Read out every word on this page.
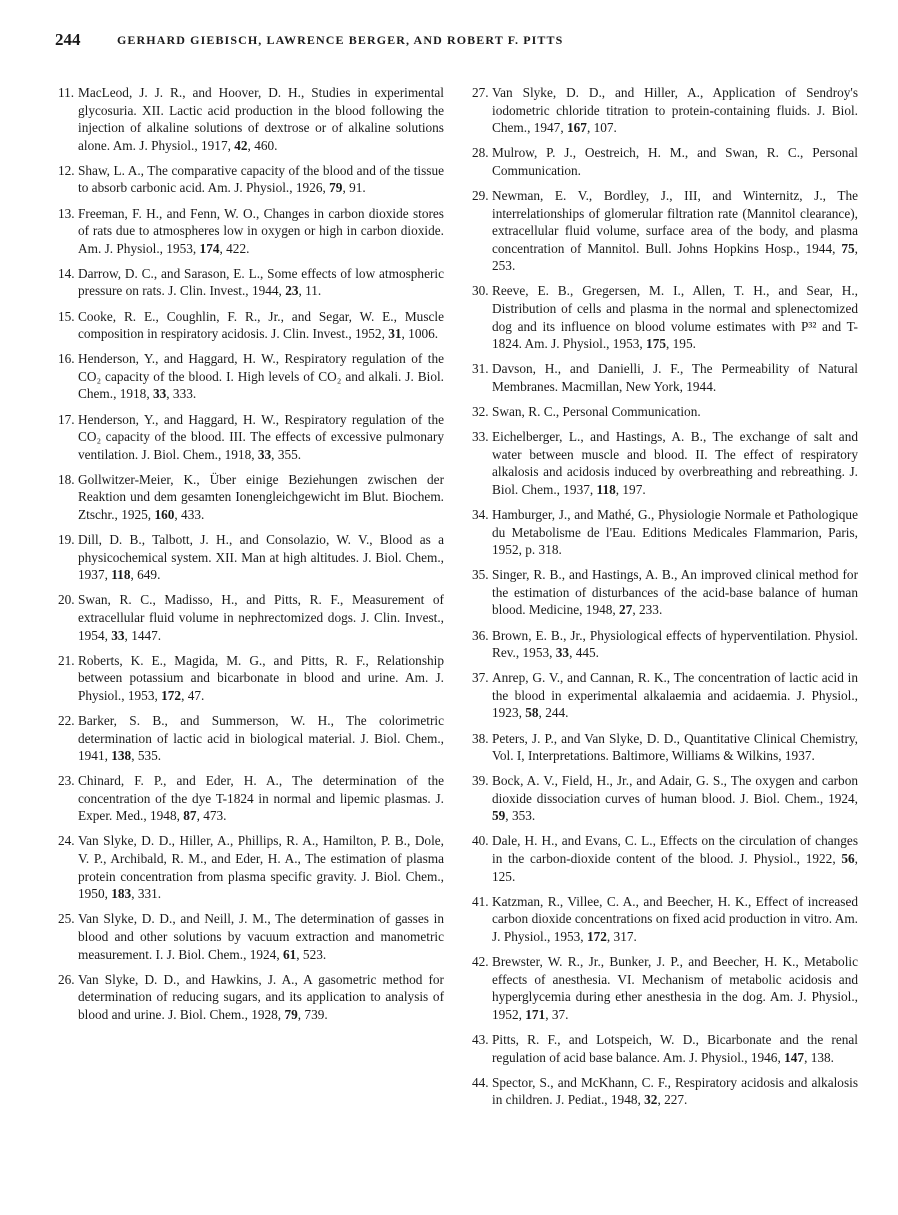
244	GERHARD GIEBISCH, LAWRENCE BERGER, AND ROBERT F. PITTS

11. MacLeod, J. J. R., and Hoover, D. H., Studies in experimental glycosuria. XII. Lactic acid production in the blood following the injection of alkaline solutions of dextrose or of alkaline solutions alone. Am. J. Physiol., 1917, 42, 460.

12. Shaw, L. A., The comparative capacity of the blood and of the tissue to absorb carbonic acid. Am. J. Physiol., 1926, 79, 91.

13. Freeman, F. H., and Fenn, W. O., Changes in carbon dioxide stores of rats due to atmospheres low in oxygen or high in carbon dioxide. Am. J. Physiol., 1953, 174, 422.

14. Darrow, D. C., and Sarason, E. L., Some effects of low atmospheric pressure on rats. J. Clin. Invest., 1944, 23, 11.

15. Cooke, R. E., Coughlin, F. R., Jr., and Segar, W. E., Muscle composition in respiratory acidosis. J. Clin. Invest., 1952, 31, 1006.

16. Henderson, Y., and Haggard, H. W., Respiratory regulation of the CO₂ capacity of the blood. I. High levels of CO₂ and alkali. J. Biol. Chem., 1918, 33, 333.

17. Henderson, Y., and Haggard, H. W., Respiratory regulation of the CO₂ capacity of the blood. III. The effects of excessive pulmonary ventilation. J. Biol. Chem., 1918, 33, 355.

18. Gollwitzer-Meier, K., Über einige Beziehungen zwischen der Reaktion und dem gesamten Ionengleichgewicht im Blut. Biochem. Ztschr., 1925, 160, 433.

19. Dill, D. B., Talbott, J. H., and Consolazio, W. V., Blood as a physicochemical system. XII. Man at high altitudes. J. Biol. Chem., 1937, 118, 649.

20. Swan, R. C., Madisso, H., and Pitts, R. F., Measurement of extracellular fluid volume in nephrectomized dogs. J. Clin. Invest., 1954, 33, 1447.

21. Roberts, K. E., Magida, M. G., and Pitts, R. F., Relationship between potassium and bicarbonate in blood and urine. Am. J. Physiol., 1953, 172, 47.

22. Barker, S. B., and Summerson, W. H., The colorimetric determination of lactic acid in biological material. J. Biol. Chem., 1941, 138, 535.

23. Chinard, F. P., and Eder, H. A., The determination of the concentration of the dye T-1824 in normal and lipemic plasmas. J. Exper. Med., 1948, 87, 473.

24. Van Slyke, D. D., Hiller, A., Phillips, R. A., Hamilton, P. B., Dole, V. P., Archibald, R. M., and Eder, H. A., The estimation of plasma protein concentration from plasma specific gravity. J. Biol. Chem., 1950, 183, 331.

25. Van Slyke, D. D., and Neill, J. M., The determination of gasses in blood and other solutions by vacuum extraction and manometric measurement. I. J. Biol. Chem., 1924, 61, 523.

26. Van Slyke, D. D., and Hawkins, J. A., A gasometric method for determination of reducing sugars, and its application to analysis of blood and urine. J. Biol. Chem., 1928, 79, 739.

27. Van Slyke, D. D., and Hiller, A., Application of Sendroy's iodometric chloride titration to protein-containing fluids. J. Biol. Chem., 1947, 167, 107.

28. Mulrow, P. J., Oestreich, H. M., and Swan, R. C., Personal Communication.

29. Newman, E. V., Bordley, J., III, and Winternitz, J., The interrelationships of glomerular filtration rate (Mannitol clearance), extracellular fluid volume, surface area of the body, and plasma concentration of Mannitol. Bull. Johns Hopkins Hosp., 1944, 75, 253.

30. Reeve, E. B., Gregersen, M. I., Allen, T. H., and Sear, H., Distribution of cells and plasma in the normal and splenectomized dog and its influence on blood volume estimates with P³² and T-1824. Am. J. Physiol., 1953, 175, 195.

31. Davson, H., and Danielli, J. F., The Permeability of Natural Membranes. Macmillan, New York, 1944.

32. Swan, R. C., Personal Communication.

33. Eichelberger, L., and Hastings, A. B., The exchange of salt and water between muscle and blood. II. The effect of respiratory alkalosis and acidosis induced by overbreathing and rebreathing. J. Biol. Chem., 1937, 118, 197.

34. Hamburger, J., and Mathé, G., Physiologie Normale et Pathologique du Metabolisme de l'Eau. Editions Medicales Flammarion, Paris, 1952, p. 318.

35. Singer, R. B., and Hastings, A. B., An improved clinical method for the estimation of disturbances of the acid-base balance of human blood. Medicine, 1948, 27, 233.

36. Brown, E. B., Jr., Physiological effects of hyperventilation. Physiol. Rev., 1953, 33, 445.

37. Anrep, G. V., and Cannan, R. K., The concentration of lactic acid in the blood in experimental alkalaemia and acidaemia. J. Physiol., 1923, 58, 244.

38. Peters, J. P., and Van Slyke, D. D., Quantitative Clinical Chemistry, Vol. I, Interpretations. Baltimore, Williams & Wilkins, 1937.

39. Bock, A. V., Field, H., Jr., and Adair, G. S., The oxygen and carbon dioxide dissociation curves of human blood. J. Biol. Chem., 1924, 59, 353.

40. Dale, H. H., and Evans, C. L., Effects on the circulation of changes in the carbon-dioxide content of the blood. J. Physiol., 1922, 56, 125.

41. Katzman, R., Villee, C. A., and Beecher, H. K., Effect of increased carbon dioxide concentrations on fixed acid production in vitro. Am. J. Physiol., 1953, 172, 317.

42. Brewster, W. R., Jr., Bunker, J. P., and Beecher, H. K., Metabolic effects of anesthesia. VI. Mechanism of metabolic acidosis and hyperglycemia during ether anesthesia in the dog. Am. J. Physiol., 1952, 171, 37.

43. Pitts, R. F., and Lotspeich, W. D., Bicarbonate and the renal regulation of acid base balance. Am. J. Physiol., 1946, 147, 138.

44. Spector, S., and McKhann, C. F., Respiratory acidosis and alkalosis in children. J. Pediat., 1948, 32, 227.
